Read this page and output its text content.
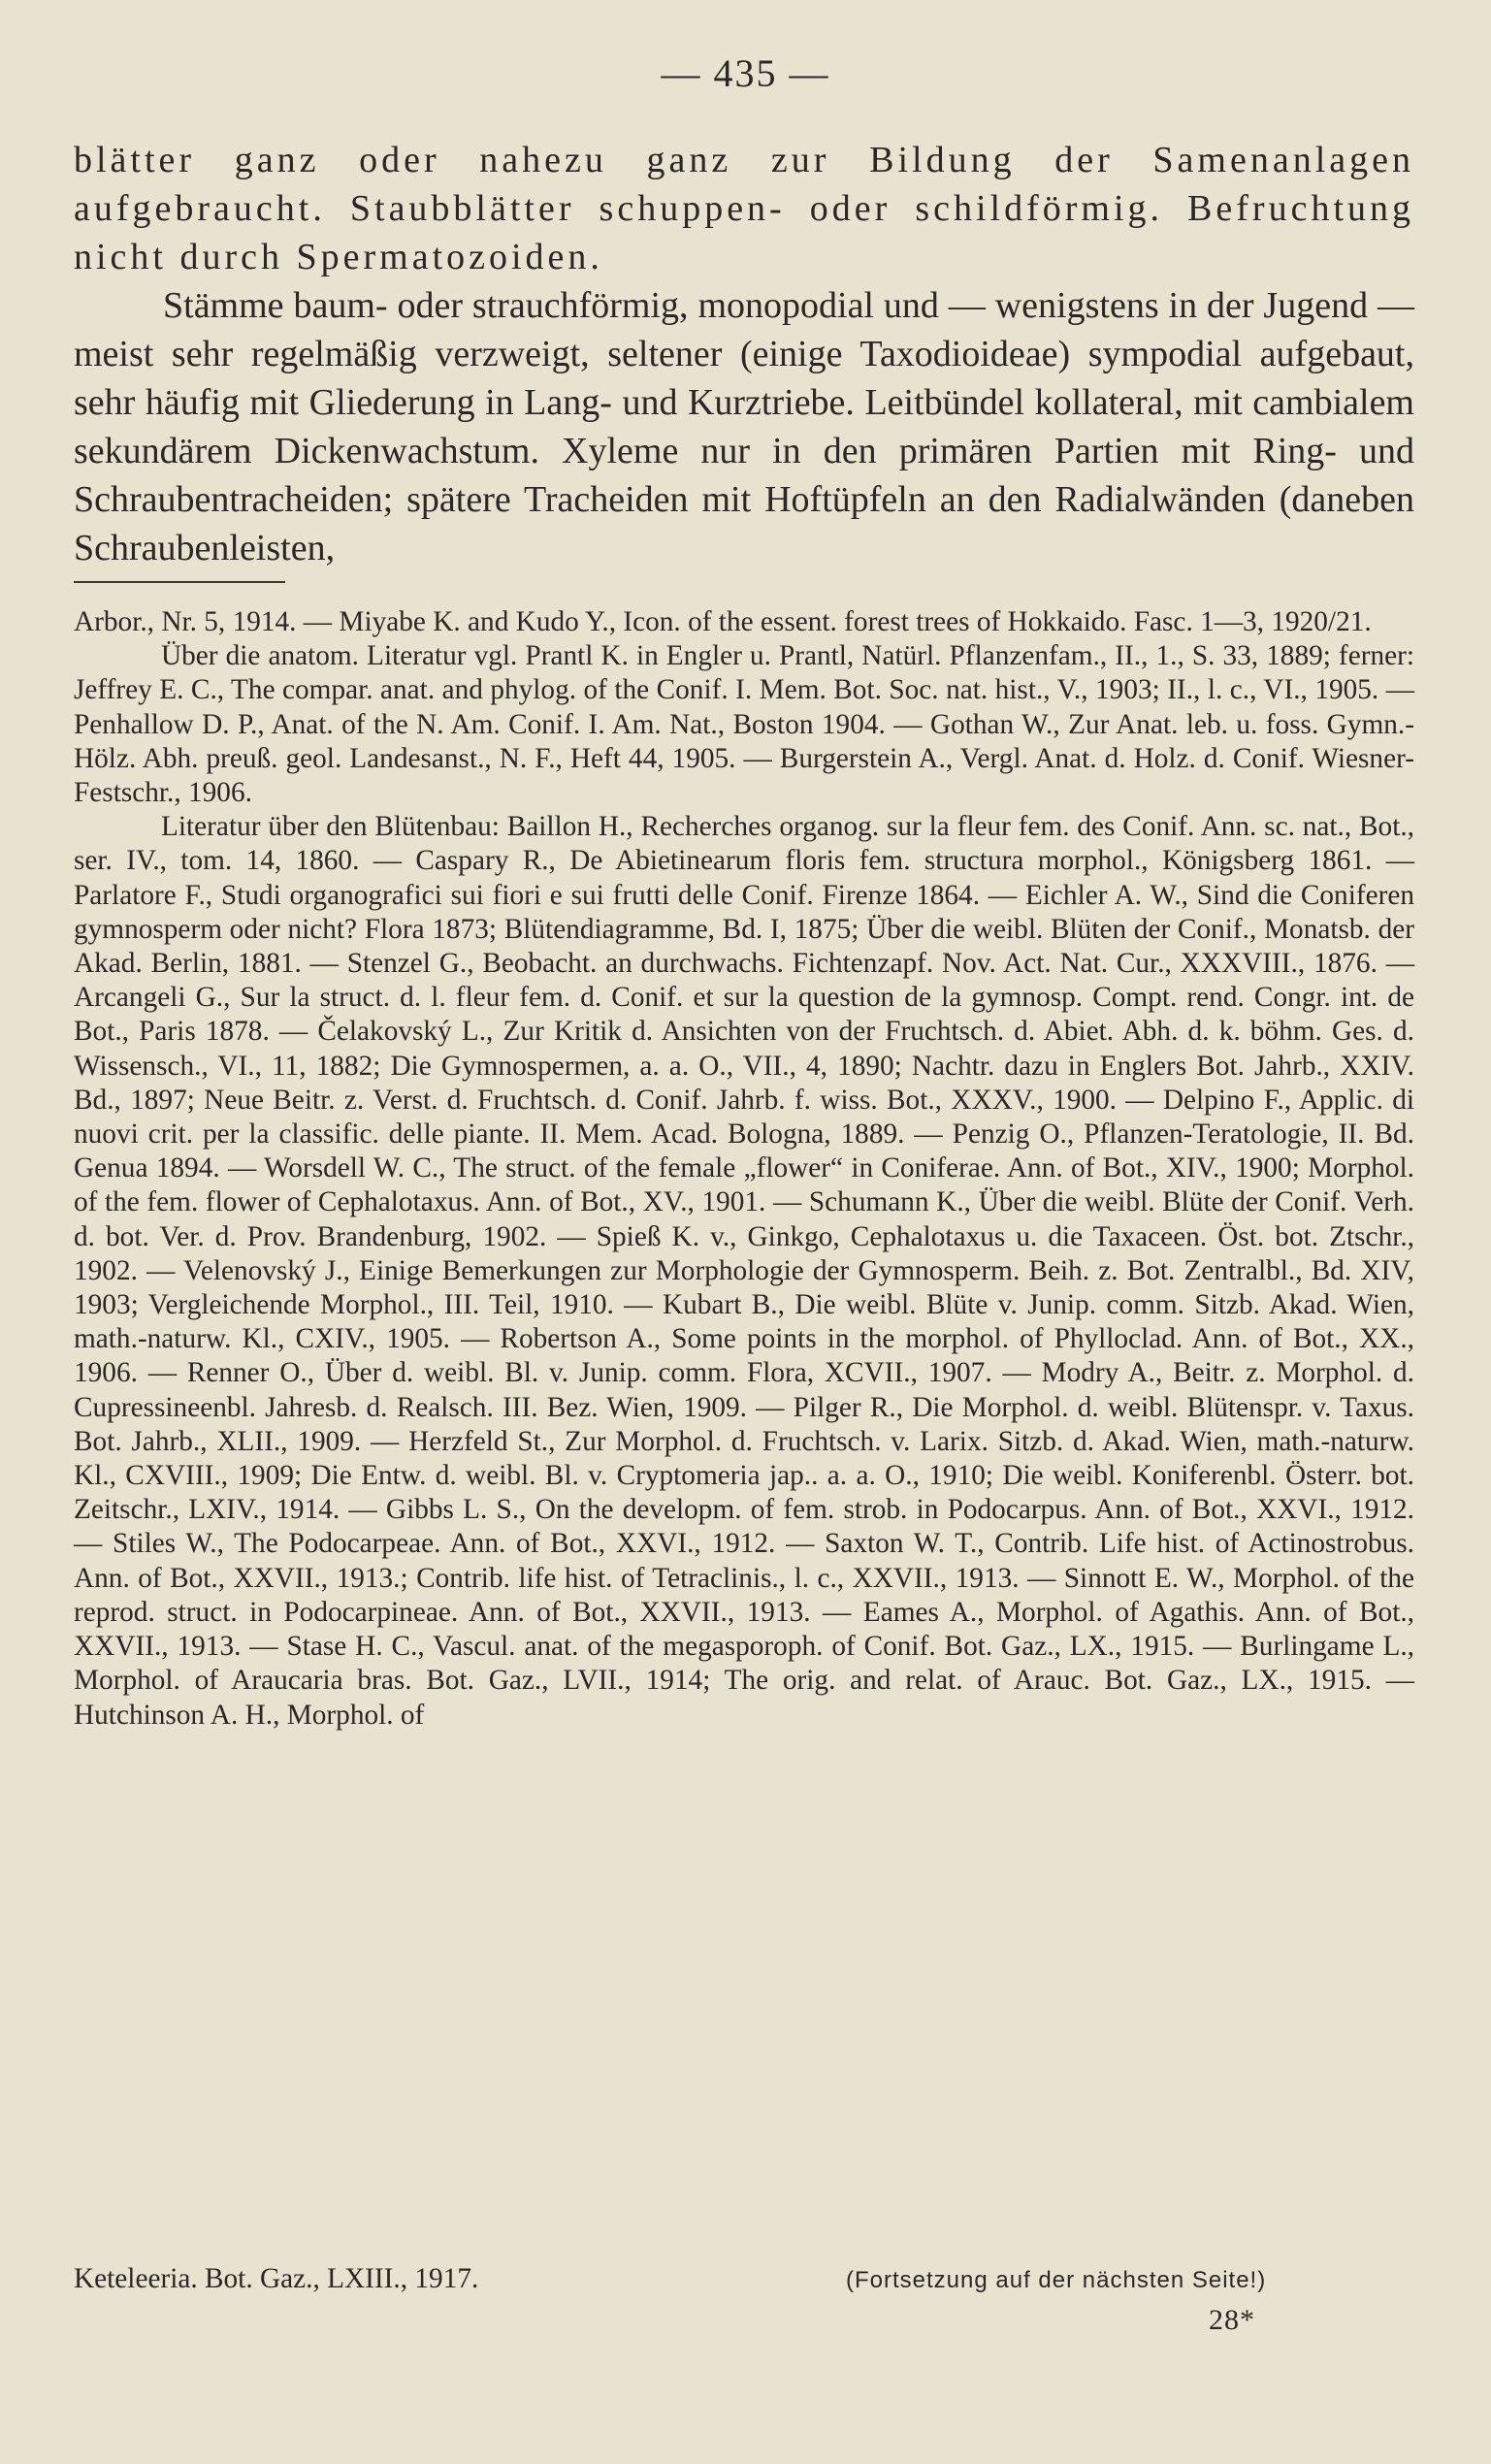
— 435 —

blätter ganz oder nahezu ganz zur Bildung der Samenanlagen aufgebraucht. Staubblätter schuppen- oder schildförmig. Befruchtung nicht durch Spermatozoiden.

Stämme baum- oder strauchförmig, monopodial und — wenigstens in der Jugend — meist sehr regelmäßig verzweigt, seltener (einige Taxodioideae) sympodial aufgebaut, sehr häufig mit Gliederung in Lang- und Kurztriebe. Leitbündel kollateral, mit cambialem sekundärem Dickenwachstum. Xyleme nur in den primären Partien mit Ring- und Schraubentracheiden; spätere Tracheiden mit Hoftüpfeln an den Radialwänden (daneben Schraubenleisten,

Arbor., Nr. 5, 1914. — Miyabe K. and Kudo Y., Icon. of the essent. forest trees of Hokkaido. Fasc. 1—3, 1920/21.

Über die anatom. Literatur vgl. Prantl K. in Engler u. Prantl, Natürl. Pflanzenfam., II., 1., S. 33, 1889; ferner: Jeffrey E. C., The compar. anat. and phylog. of the Conif. I. Mem. Bot. Soc. nat. hist., V., 1903; II., l. c., VI., 1905. — Penhallow D. P., Anat. of the N. Am. Conif. I. Am. Nat., Boston 1904. — Gothan W., Zur Anat. leb. u. foss. Gymn.-Hölz. Abh. preuß. geol. Landesanst., N. F., Heft 44, 1905. — Burgerstein A., Vergl. Anat. d. Holz. d. Conif. Wiesner-Festschr., 1906.

Literatur über den Blütenbau: Baillon H., Recherches organog. sur la fleur fem. des Conif. Ann. sc. nat., Bot., ser. IV., tom. 14, 1860. — Caspary R., De Abietinearum floris fem. structura morphol., Königsberg 1861. — Parlatore F., Studi organografici sui fiori e sui frutti delle Conif. Firenze 1864. — Eichler A. W., Sind die Coniferen gymnosperm oder nicht? Flora 1873; Blütendiagramme, Bd. I, 1875; Über die weibl. Blüten der Conif., Monatsb. der Akad. Berlin, 1881. — Stenzel G., Beobacht. an durchwachs. Fichtenzapf. Nov. Act. Nat. Cur., XXXVIII., 1876. — Arcangeli G., Sur la struct. d. l. fleur fem. d. Conif. et sur la question de la gymnosp. Compt. rend. Congr. int. de Bot., Paris 1878. — Čelakovský L., Zur Kritik d. Ansichten von der Fruchtsch. d. Abiet. Abh. d. k. böhm. Ges. d. Wissensch., VI., 11, 1882; Die Gymnospermen, a. a. O., VII., 4, 1890; Nachtr. dazu in Englers Bot. Jahrb., XXIV. Bd., 1897; Neue Beitr. z. Verst. d. Fruchtsch. d. Conif. Jahrb. f. wiss. Bot., XXXV., 1900. — Delpino F., Applic. di nuovi crit. per la classific. delle piante. II. Mem. Acad. Bologna, 1889. — Penzig O., Pflanzen-Teratologie, II. Bd. Genua 1894. — Worsdell W. C., The struct. of the female „flower“ in Coniferae. Ann. of Bot., XIV., 1900; Morphol. of the fem. flower of Cephalotaxus. Ann. of Bot., XV., 1901. — Schumann K., Über die weibl. Blüte der Conif. Verh. d. bot. Ver. d. Prov. Brandenburg, 1902. — Spieß K. v., Ginkgo, Cephalotaxus u. die Taxaceen. Öst. bot. Ztschr., 1902. — Velenovský J., Einige Bemerkungen zur Morphologie der Gymnosperm. Beih. z. Bot. Zentralbl., Bd. XIV, 1903; Vergleichende Morphol., III. Teil, 1910. — Kubart B., Die weibl. Blüte v. Junip. comm. Sitzb. Akad. Wien, math.-naturw. Kl., CXIV., 1905. — Robertson A., Some points in the morphol. of Phylloclad. Ann. of Bot., XX., 1906. — Renner O., Über d. weibl. Bl. v. Junip. comm. Flora, XCVII., 1907. — Modry A., Beitr. z. Morphol. d. Cupressineenbl. Jahresb. d. Realsch. III. Bez. Wien, 1909. — Pilger R., Die Morphol. d. weibl. Blütenspr. v. Taxus. Bot. Jahrb., XLII., 1909. — Herzfeld St., Zur Morphol. d. Fruchtsch. v. Larix. Sitzb. d. Akad. Wien, math.-naturw. Kl., CXVIII., 1909; Die Entw. d. weibl. Bl. v. Cryptomeria jap.. a. a. O., 1910; Die weibl. Koniferenbl. Österr. bot. Zeitschr., LXIV., 1914. — Gibbs L. S., On the developm. of fem. strob. in Podocarpus. Ann. of Bot., XXVI., 1912. — Stiles W., The Podocarpeae. Ann. of Bot., XXVI., 1912. — Saxton W. T., Contrib. Life hist. of Actinostrobus. Ann. of Bot., XXVII., 1913.; Contrib. life hist. of Tetraclinis., l. c., XXVII., 1913. — Sinnott E. W., Morphol. of the reprod. struct. in Podocarpineae. Ann. of Bot., XXVII., 1913. — Eames A., Morphol. of Agathis. Ann. of Bot., XXVII., 1913. — Stase H. C., Vascul. anat. of the megasporoph. of Conif. Bot. Gaz., LX., 1915. — Burlingame L., Morphol. of Araucaria bras. Bot. Gaz., LVII., 1914; The orig. and relat. of Arauc. Bot. Gaz., LX., 1915. — Hutchinson A. H., Morphol. of

Keteleeria. Bot. Gaz., LXIII., 1917.	(Fortsetzung auf der nächsten Seite!)
28*
